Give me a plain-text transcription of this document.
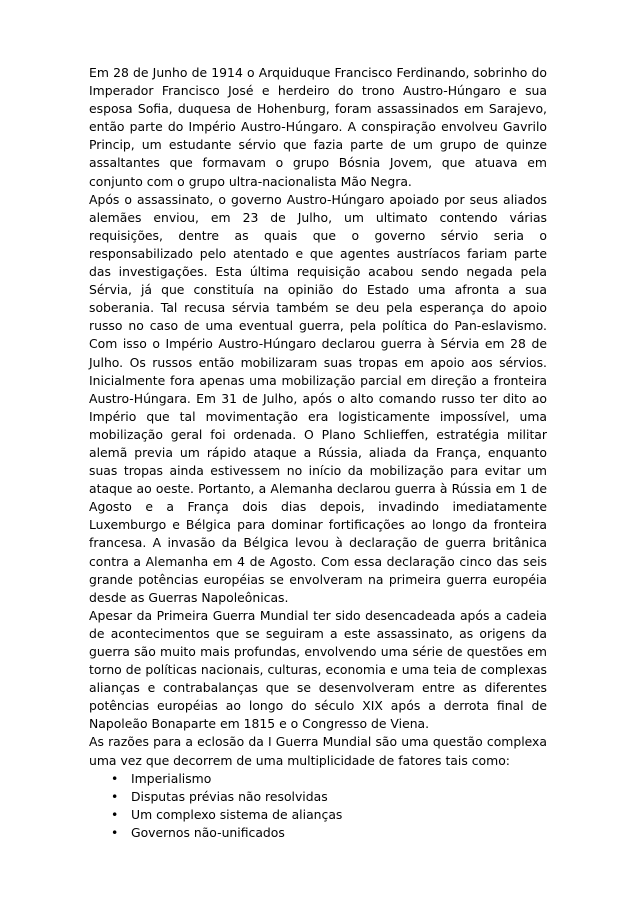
Em 28 de Junho de 1914 o Arquiduque Francisco Ferdinando, sobrinho do Imperador Francisco José e herdeiro do trono Austro-Húngaro e sua esposa Sofia, duquesa de Hohenburg, foram assassinados em Sarajevo, então parte do Império Austro-Húngaro. A conspiração envolveu Gavrilo Princip, um estudante sérvio que fazia parte de um grupo de quinze assaltantes que formavam o grupo Bósnia Jovem, que atuava em conjunto com o grupo ultra-nacionalista Mão Negra.

Após o assassinato, o governo Austro-Húngaro apoiado por seus aliados alemães enviou, em 23 de Julho, um ultimato contendo várias requisições, dentre as quais que o governo sérvio seria o responsabilizado pelo atentado e que agentes austríacos fariam parte das investigações. Esta última requisição acabou sendo negada pela Sérvia, já que constituía na opinião do Estado uma afronta a sua soberania. Tal recusa sérvia também se deu pela esperança do apoio russo no caso de uma eventual guerra, pela política do Pan-eslavismo. Com isso o Império Austro-Húngaro declarou guerra à Sérvia em 28 de Julho. Os russos então mobilizaram suas tropas em apoio aos sérvios. Inicialmente fora apenas uma mobilização parcial em direção a fronteira Austro-Húngara. Em 31 de Julho, após o alto comando russo ter dito ao Império que tal movimentação era logisticamente impossível, uma mobilização geral foi ordenada. O Plano Schlieffen, estratégia militar alemã previa um rápido ataque a Rússia, aliada da França, enquanto suas tropas ainda estivessem no início da mobilização para evitar um ataque ao oeste. Portanto, a Alemanha declarou guerra à Rússia em 1 de Agosto e a França dois dias depois, invadindo imediatamente Luxemburgo e Bélgica para dominar fortificações ao longo da fronteira francesa. A invasão da Bélgica levou à declaração de guerra britânica contra a Alemanha em 4 de Agosto. Com essa declaração cinco das seis grande potências européias se envolveram na primeira guerra européia desde as Guerras Napoleônicas.

Apesar da Primeira Guerra Mundial ter sido desencadeada após a cadeia de acontecimentos que se seguiram a este assassinato, as origens da guerra são muito mais profundas, envolvendo uma série de questões em torno de políticas nacionais, culturas, economia e uma teia de complexas alianças e contrabalanças que se desenvolveram entre as diferentes potências européias ao longo do século XIX após a derrota final de Napoleão Bonaparte em 1815 e o Congresso de Viena.

As razões para a eclosão da I Guerra Mundial são uma questão complexa uma vez que decorrem de uma multiplicidade de fatores tais como:

• Imperialismo
• Disputas prévias não resolvidas
• Um complexo sistema de alianças
• Governos não-unificados
